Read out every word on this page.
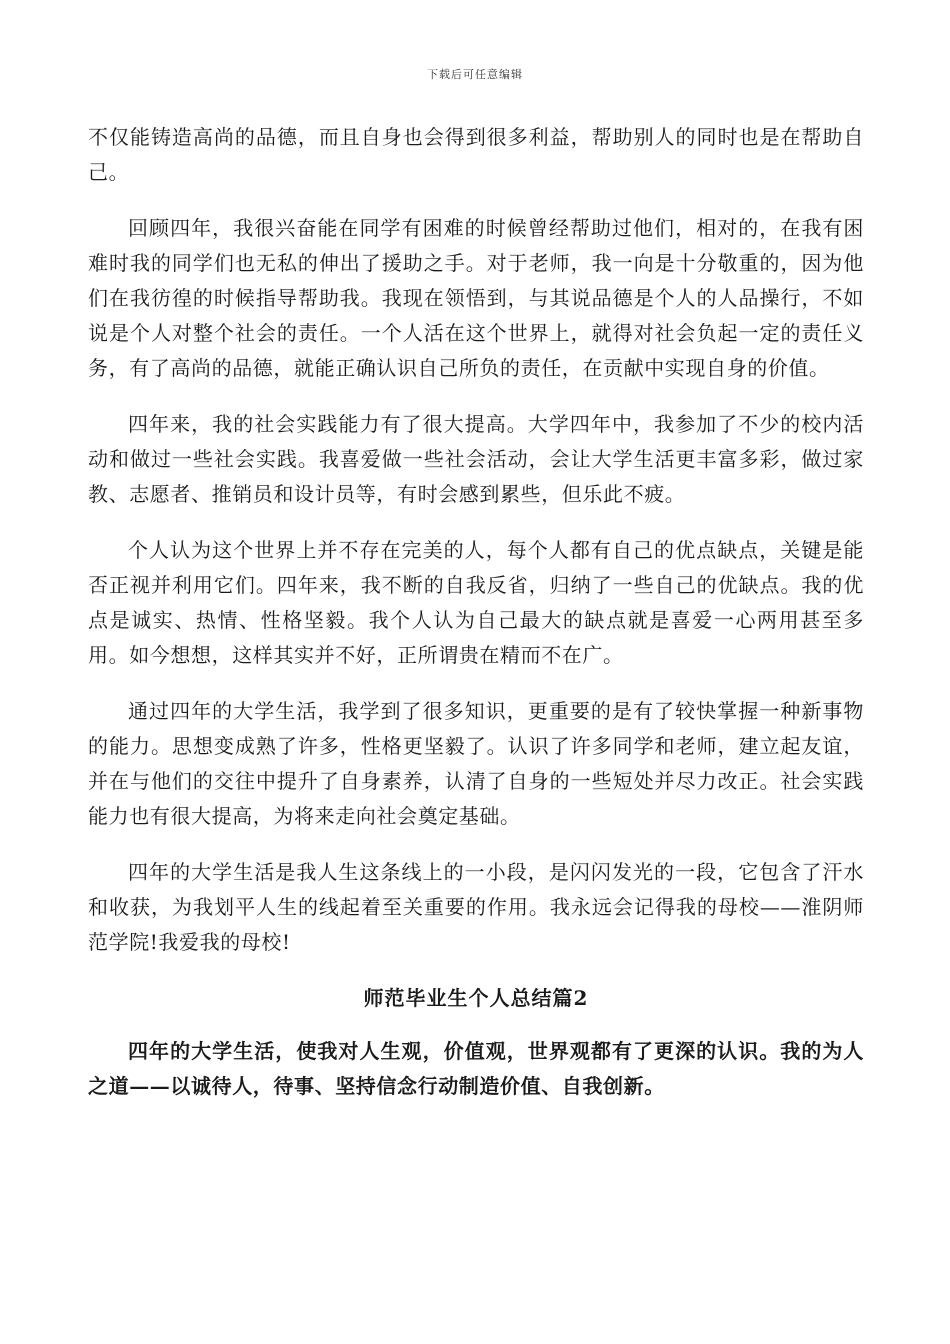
下载后可任意编辑

不仅能铸造高尚的品德，而且自身也会得到很多利益，帮助别人的同时也是在帮助自己。

回顾四年，我很兴奋能在同学有困难的时候曾经帮助过他们，相对的，在我有困难时我的同学们也无私的伸出了援助之手。对于老师，我一向是十分敬重的，因为他们在我彷徨的时候指导帮助我。我现在领悟到，与其说品德是个人的人品操行，不如说是个人对整个社会的责任。一个人活在这个世界上，就得对社会负起一定的责任义务，有了高尚的品德，就能正确认识自己所负的责任，在贡献中实现自身的价值。

四年来，我的社会实践能力有了很大提高。大学四年中，我参加了不少的校内活动和做过一些社会实践。我喜爱做一些社会活动，会让大学生活更丰富多彩，做过家教、志愿者、推销员和设计员等，有时会感到累些，但乐此不疲。

个人认为这个世界上并不存在完美的人，每个人都有自己的优点缺点，关键是能否正视并利用它们。四年来，我不断的自我反省，归纳了一些自己的优缺点。我的优点是诚实、热情、性格坚毅。我个人认为自己最大的缺点就是喜爱一心两用甚至多用。如今想想，这样其实并不好，正所谓贵在精而不在广。

通过四年的大学生活，我学到了很多知识，更重要的是有了较快掌握一种新事物的能力。思想变成熟了许多，性格更坚毅了。认识了许多同学和老师，建立起友谊，并在与他们的交往中提升了自身素养，认清了自身的一些短处并尽力改正。社会实践能力也有很大提高，为将来走向社会奠定基础。

四年的大学生活是我人生这条线上的一小段，是闪闪发光的一段，它包含了汗水和收获，为我划平人生的线起着至关重要的作用。我永远会记得我的母校——淮阴师范学院!我爱我的母校!

师范毕业生个人总结篇2

四年的大学生活，使我对人生观，价值观，世界观都有了更深的认识。我的为人之道——以诚待人，待事、坚持信念行动制造价值、自我创新。
